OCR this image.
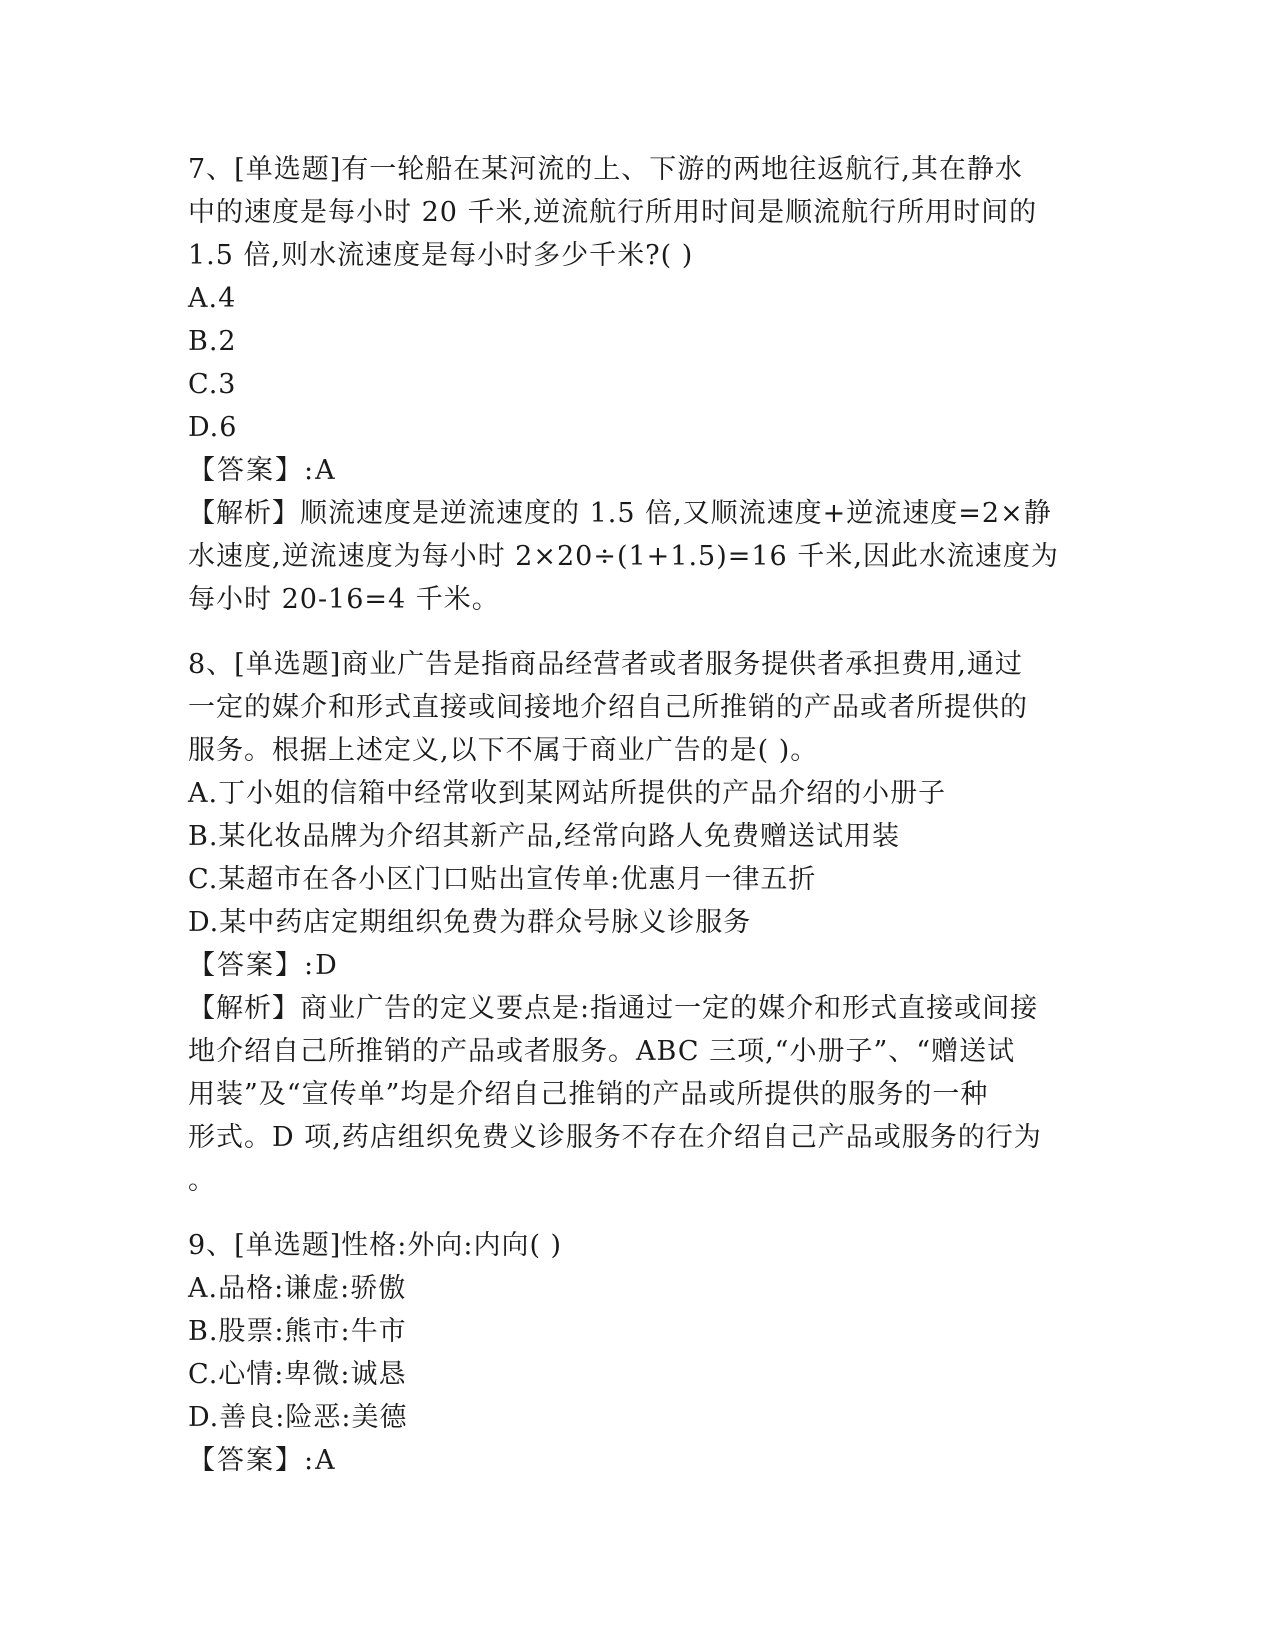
7、[单选题]有一轮船在某河流的上、下游的两地往返航行,其在静水
中的速度是每小时 20 千米,逆流航行所用时间是顺流航行所用时间的
1.5 倍,则水流速度是每小时多少千米?( )
A.4
B.2
C.3
D.6
【答案】:A
【解析】顺流速度是逆流速度的 1.5 倍,又顺流速度+逆流速度=2×静
水速度,逆流速度为每小时 2×20÷(1+1.5)=16 千米,因此水流速度为
每小时 20-16=4 千米。
8、[单选题]商业广告是指商品经营者或者服务提供者承担费用,通过
一定的媒介和形式直接或间接地介绍自己所推销的产品或者所提供的
服务。根据上述定义,以下不属于商业广告的是( )。
A.丁小姐的信箱中经常收到某网站所提供的产品介绍的小册子
B.某化妆品牌为介绍其新产品,经常向路人免费赠送试用装
C.某超市在各小区门口贴出宣传单:优惠月一律五折
D.某中药店定期组织免费为群众号脉义诊服务
【答案】:D
【解析】商业广告的定义要点是:指通过一定的媒介和形式直接或间接
地介绍自己所推销的产品或者服务。ABC 三项,“小册子”、“赠送试
用装”及“宣传单”均是介绍自己推销的产品或所提供的服务的一种
形式。D 项,药店组织免费义诊服务不存在介绍自己产品或服务的行为
。
9、[单选题]性格:外向:内向( )
A.品格:谦虚:骄傲
B.股票:熊市:牛市
C.心情:卑微:诚恳
D.善良:险恶:美德
【答案】:A
